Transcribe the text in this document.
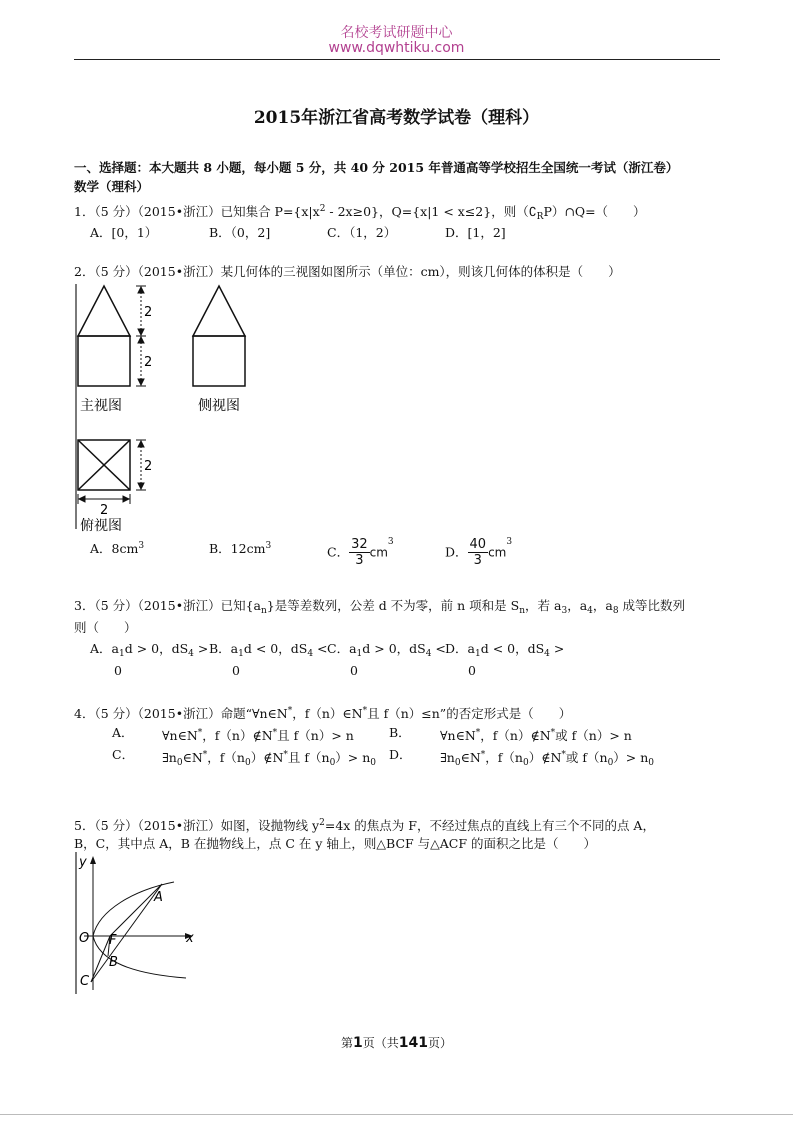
名校考试研题中心
www.dqwhtiku.com
2015年浙江省高考数学试卷（理科）
一、选择题：本大题共 8 小题，每小题 5 分，共 40 分 2015 年普通高等学校招生全国统一考试（浙江卷）
数学（理科）
1．（5 分）（2015•浙江）已知集合 $P=\{x|x^2 - 2x\ge 0\}$，Q={x|1 < x≤2}，则$(∁_RP)\cap Q=$（　　）
A．[0，1）	B．（0，2]	C．（1，2）	D．[1，2]
2．（5 分）（2015•浙江）某几何体的三视图如图所示（单位：cm），则该几何体的体积是（　　）
2
2
主视图	侧视图
2
2
俯视图
A．$8cm^3$	B．$12cm^3$	C． $\frac{32}{3} cm^3$
D． $\frac{40}{3} cm^3$
3．（5 分）（2015•浙江）已知$\{a_n\}$是等差数列，公差 d 不为零，前 n 项和是 $S_n$，若 $a_3$，$a_4$，$a_8$ 成等比数列
则（　　）
A．$a_1d > 0$，$dS_4 > B$．$a_1d < 0$，$dS_4 < C$．$a_1d > 0$，$dS_4 < D$．$a_1d < 0$，$dS_4$ >
0	0	0	0
4．（5 分）（2015•浙江）命题“∀n∈N*，f（n）∈N*且 f（n）≤n”的否定形式是（　　）
A． ∀n∈N*，f（n）∉N*且 f（n）> n	B． ∀n∈N*，f（n）∉N*或 f（n）> n
C． $\exists n_0\in N^*$，$f(n_0)\notin N^*$且 $f(n_0)> n_0$
D． $\exists n_0\in N^*$，$f(n_0)\notin N^*$或 $f(n_0)> n_0$
5．（5 分）（2015•浙江）如图，设抛物线 $y^2=4x$ 的焦点为 F，不经过焦点的直线上有三个不同的点 A，
B，C，其中点 A，B 在抛物线上，点 C 在 y 轴上，则△BCF 与△ACF 的面积之比是（　　）
y
x
O F
A
B
C
第1页（共141页）
